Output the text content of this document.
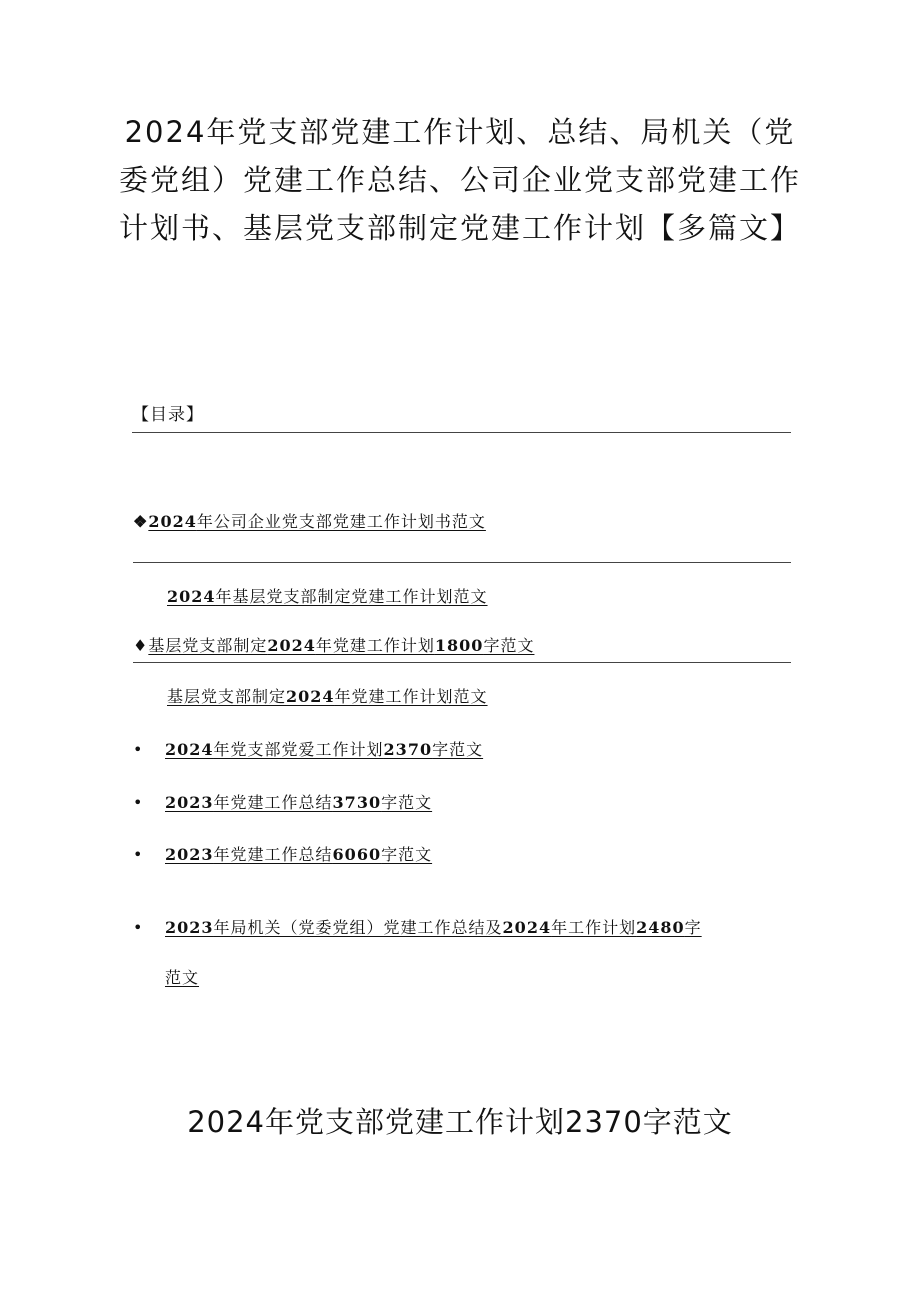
2024年党支部党建工作计划、总结、局机关（党委党组）党建工作总结、公司企业党支部党建工作计划书、基层党支部制定党建工作计划【多篇文】
【目录】
❖2024年公司企业党支部党建工作计划书范文
2024年基层党支部制定党建工作计划范文
♦基层党支部制定2024年党建工作计划1800字范文
基层党支部制定2024年党建工作计划范文
• 2024年党支部党爱工作计划2370字范文
• 2023年党建工作总结3730字范文
• 2023年党建工作总结6060字范文
• 2023年局机关（党委党组）党建工作总结及2024年工作计划2480字
范文
2024年党支部党建工作计划2370字范文
